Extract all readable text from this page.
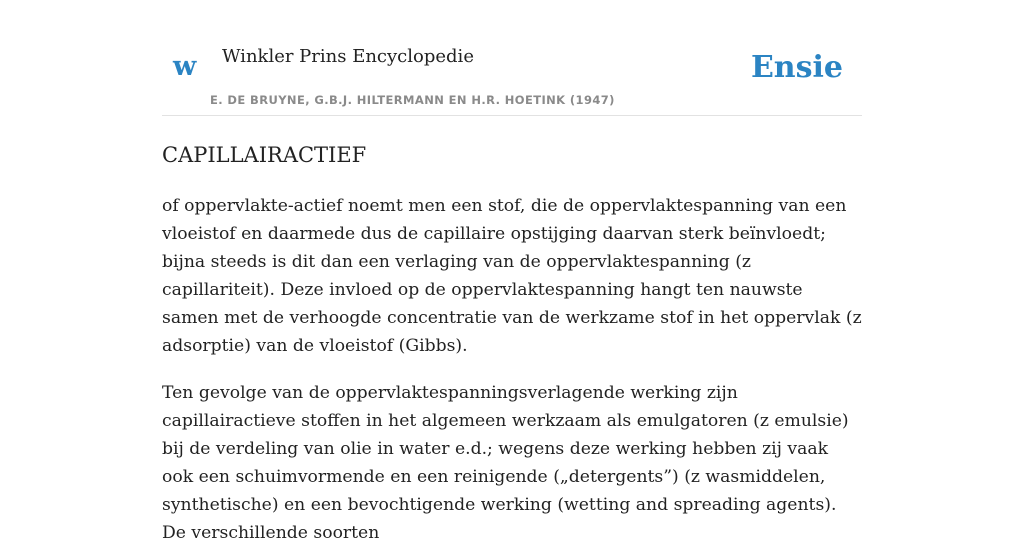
w Winkler Prins Encyclopedie
E. DE BRUYNE, G.B.J. HILTERMANN EN H.R. HOETINK (1947)
Ensie
CAPILLAIRACTIEF

of oppervlakte-actief noemt men een stof, die de oppervlaktespanning van een vloeistof en daarmede dus de capillaire opstijging daarvan sterk beïnvloedt; bijna steeds is dit dan een verlaging van de oppervlaktespanning (z capillariteit). Deze invloed op de oppervlaktespanning hangt ten nauwste samen met de verhoogde concentratie van de werkzame stof in het oppervlak (z adsorptie) van de vloeistof (Gibbs).

Ten gevolge van de oppervlaktespanningsverlagende werking zijn capillairactieve stoffen in het algemeen werkzaam als emulgatoren (z emulsie) bij de verdeling van olie in water e.d.; wegens deze werking hebben zij vaak ook een schuimvormende en een reinigende („detergents”) (z wasmiddelen, synthetische) en een bevochtigende werking (wetting and spreading agents). De verschillende soorten
